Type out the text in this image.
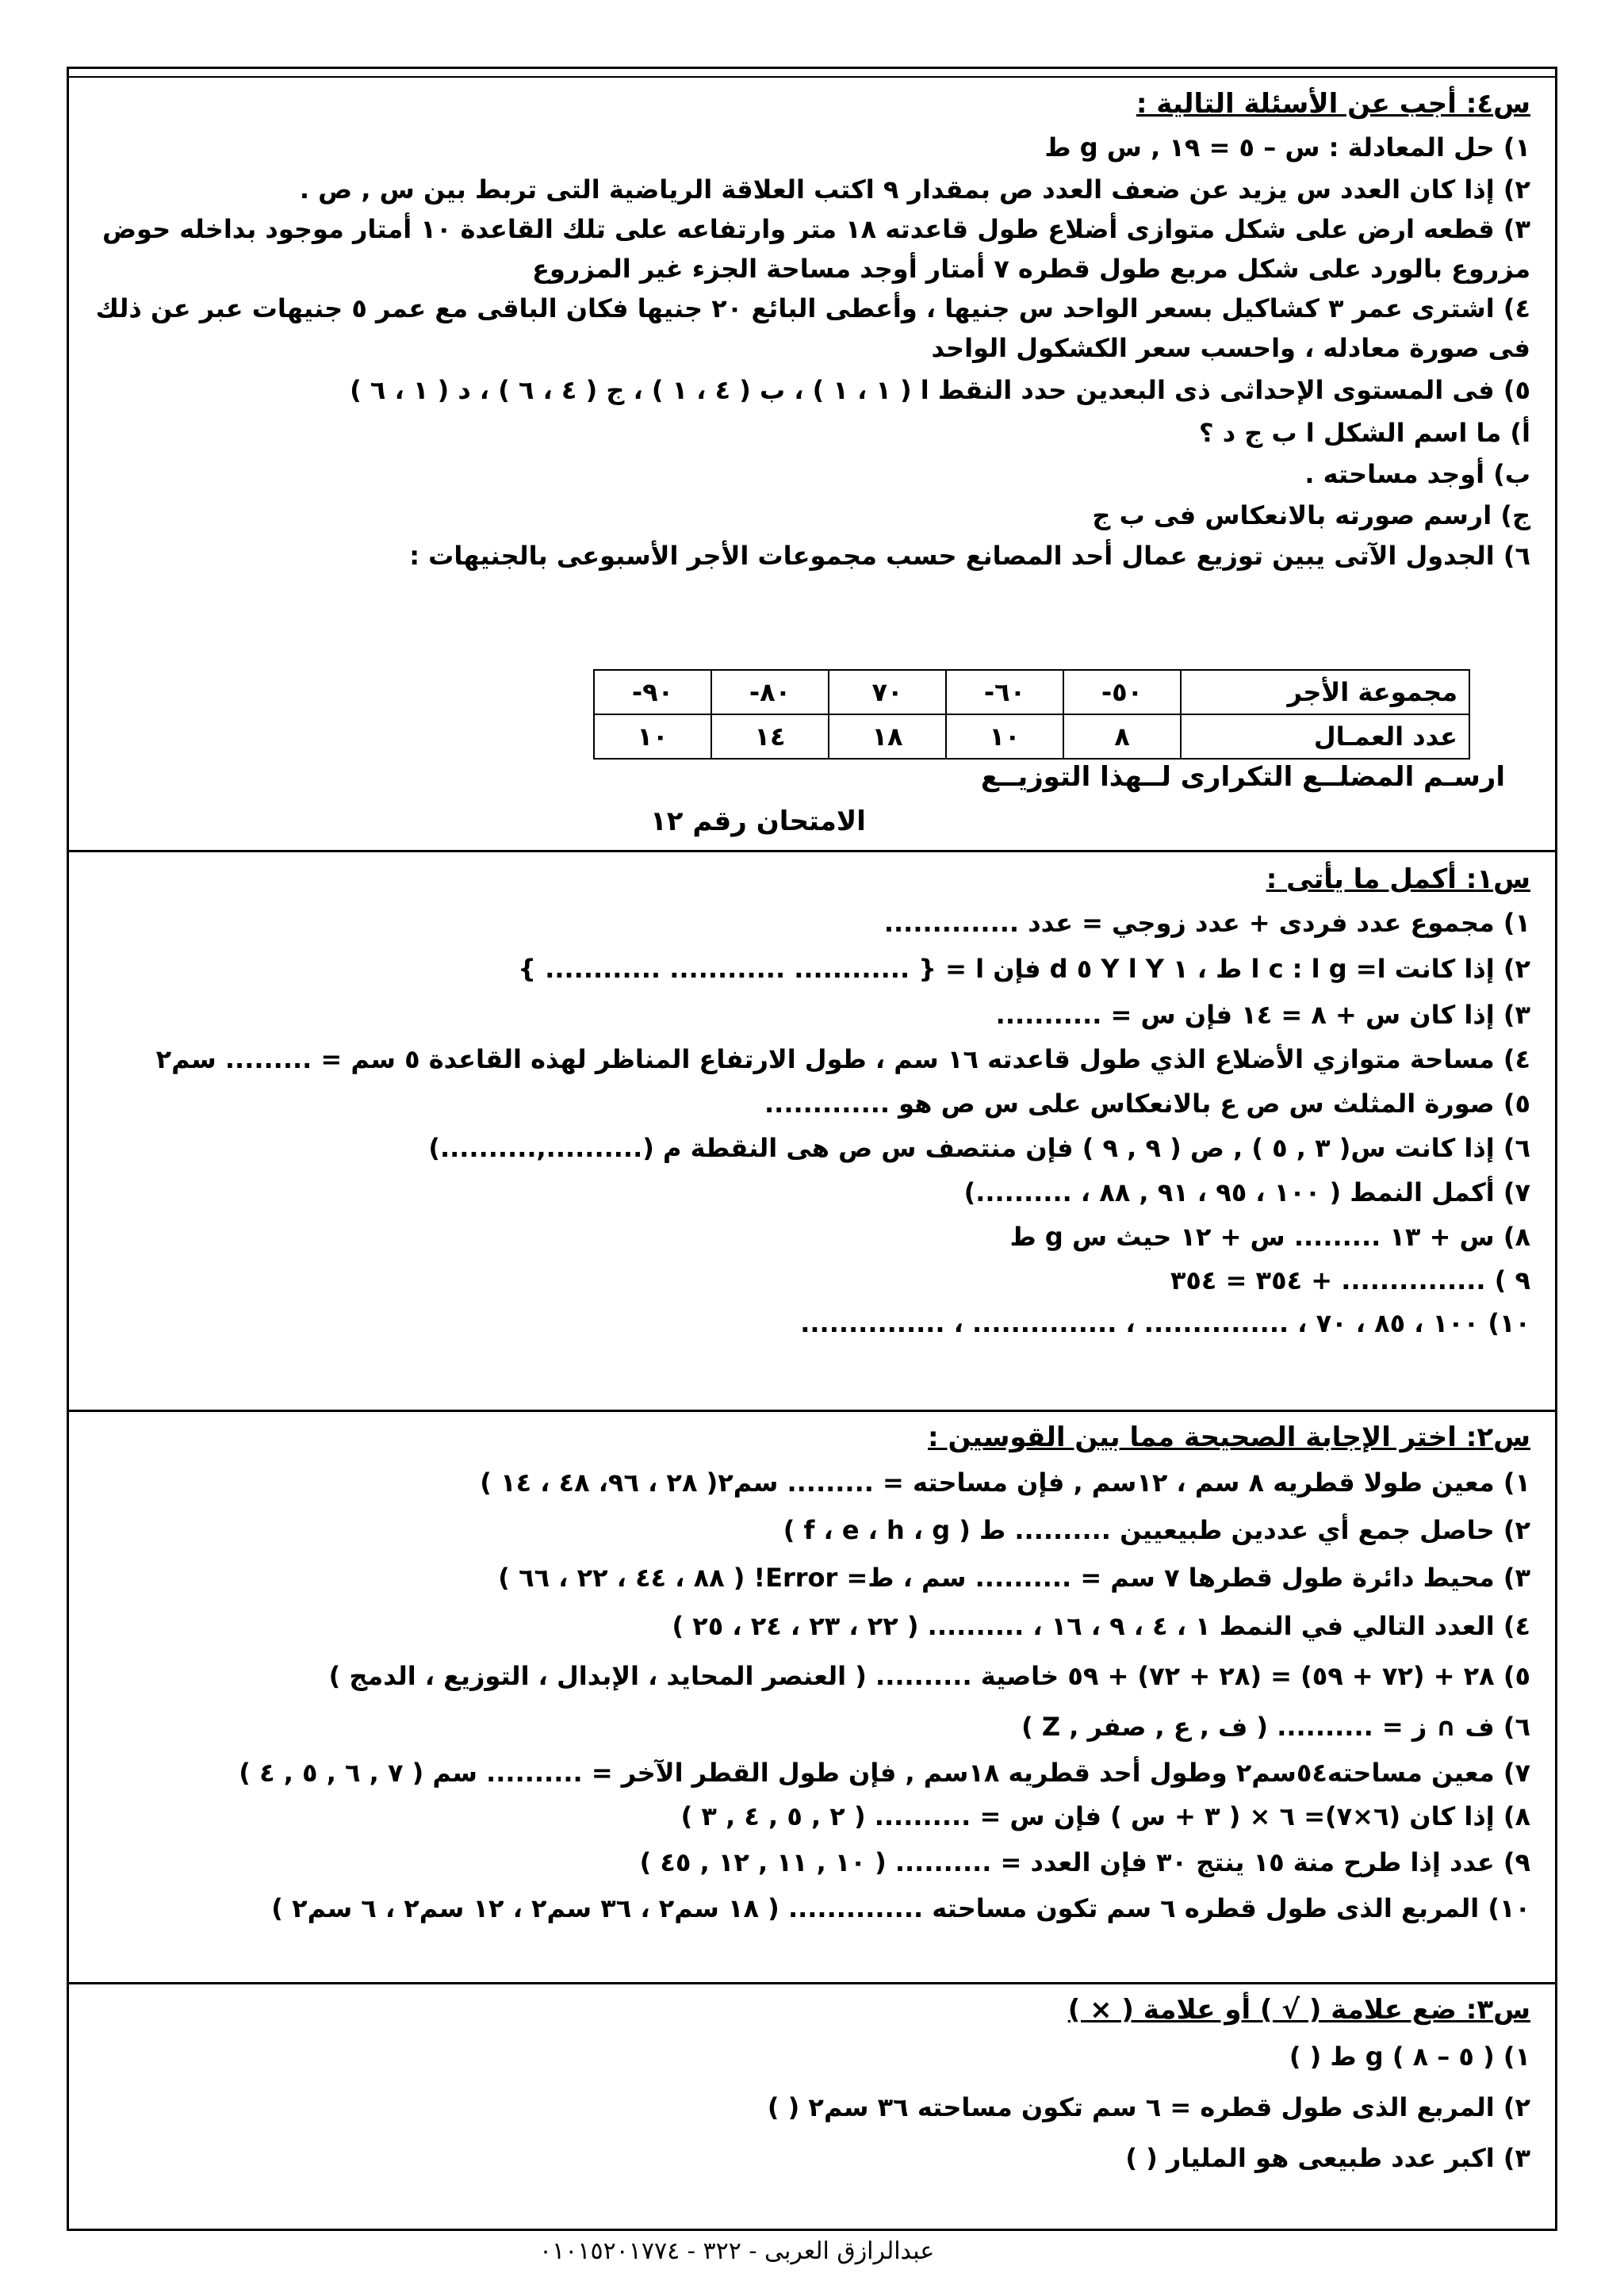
س٤: أجب عن الأسئلة التالية :
١) حل المعادلة : س – ٥ = ١٩ , س g ط
٢) إذا كان العدد س يزيد عن ضعف العدد ص بمقدار ٩ اكتب العلاقة الرياضية التى تربط بين س , ص .
٣) قطعه ارض على شكل متوازى أضلاع طول قاعدته ١٨ متر وارتفاعه على تلك القاعدة ١٠ أمتار موجود بداخله حوض مزروع بالورد على شكل مربع طول قطره ٧ أمتار أوجد مساحة الجزء غير المزروع
٤) اشترى عمر ٣ كشاكيل بسعر الواحد س جنيها ، وأعطى البائع ٢٠ جنيها فكان الباقى مع عمر ٥ جنيهات عبر عن ذلك فى صورة معادله ، واحسب سعر الكشكول الواحد
٥) فى المستوى الإحداثى ذى البعدين حدد النقط ا ( ١ ، ١ ) ، ب ( ٤ ، ١ ) ، ج ( ٤ ، ٦ ) ، د ( ١ ، ٦ )
أ) ما اسم الشكل ا ب ج د ؟
ب) أوجد مساحته .
ج) ارسم صورته بالانعكاس فى ب ج
٦) الجدول الآتى يبين توزيع عمال أحد المصانع حسب مجموعات الأجر الأسبوعى بالجنيهات :
مجموعة الأجر	٥٠-	٦٠-	٧٠	٨٠-	٩٠-
عدد العمـال	٨	١٠	١٨	١٤	١٠
ارسـم المضلــع التكرارى لــهذا التوزيــع
الامتحان رقم ١٢
س١: أكمل ما يأتى :
١) مجموع عدد فردى + عدد زوجي = عدد ..............
٢) إذا كانت ا= l c : l g ط ، ١ Y l Y ٥ d فإن ا = { ............ ............ ............ }
٣) إذا كان س + ٨ = ١٤ فإن س = ...........
٤) مساحة متوازي الأضلاع الذي طول قاعدته ١٦ سم ، طول الارتفاع المناظر لهذه القاعدة ٥ سم = ......... سم٢
٥) صورة المثلث س ص ع بالانعكاس على س ص هو .............
٦) إذا كانت س( ٣ , ٥ ) , ص ( ٩ , ٩ ) فإن منتصف س ص هى النقطة م (..........,..........)
٧) أكمل النمط ( ١٠٠ ، ٩٥ ، ٩١ , ٨٨ ، ..........)
٨) س + ١٣ ......... س + ١٢ حيث س g ط
٩ ) ............... + ٣٥٤ = ٣٥٤
١٠) ١٠٠ ، ٨٥ ، ٧٠ ، ............... ، ............... ، ...............
س٢: اختر الإجابة الصحيحة مما بين القوسين :
١) معين طولا قطريه ٨ سم ، ١٢سم , فإن مساحته = ......... سم٢( ٢٨ ، ٩٦، ٤٨ ، ١٤ )
٢) حاصل جمع أي عددين طبيعيين .......... ط ( f ، e ، h ، g )
٣) محيط دائرة طول قطرها ٧ سم = .......... سم ، ط= Error! ( ٨٨ ، ٤٤ ، ٢٢ ، ٦٦ )
٤) العدد التالي في النمط ١ ، ٤ ، ٩ ، ١٦ ، .......... ( ٢٢ ، ٢٣ ، ٢٤ ، ٢٥ )
٥) ٢٨ + (٧٢ + ٥٩) = (٢٨ + ٧٢) + ٥٩ خاصية .......... ( العنصر المحايد ، الإبدال ، التوزيع ، الدمج )
٦) ف ∩ ز = .......... ( ف , ع , صفر , Z )
٧) معين مساحته٥٤سم٢ وطول أحد قطريه ١٨سم , فإن طول القطر الآخر = .......... سم ( ٧ , ٦ , ٥ , ٤ )
٨) إذا كان (٦×٧)= ٦ × ( ٣ + س ) فإن س = .......... ( ٢ , ٥ , ٤ , ٣ )
٩) عدد إذا طرح منة ١٥ ينتج ٣٠ فإن العدد = .......... ( ١٠ , ١١ , ١٢ , ٤٥ )
١٠) المربع الذى طول قطره ٦ سم تكون مساحته .............. ( ١٨ سم٢ ، ٣٦ سم٢ ، ١٢ سم٢ ، ٦ سم٢ )
س٣: ضع علامة ( √ ) أو علامة ( × )
١) ( ٥ – ٨ ) g ط ( )
٢) المربع الذى طول قطره = ٦ سم تكون مساحته ٣٦ سم٢ ( )
٣) اكبر عدد طبيعى هو المليار ( )
عبدالرازق العربى - ٣٢٢ - ٠١٠١٥٢٠١٧٧٤
